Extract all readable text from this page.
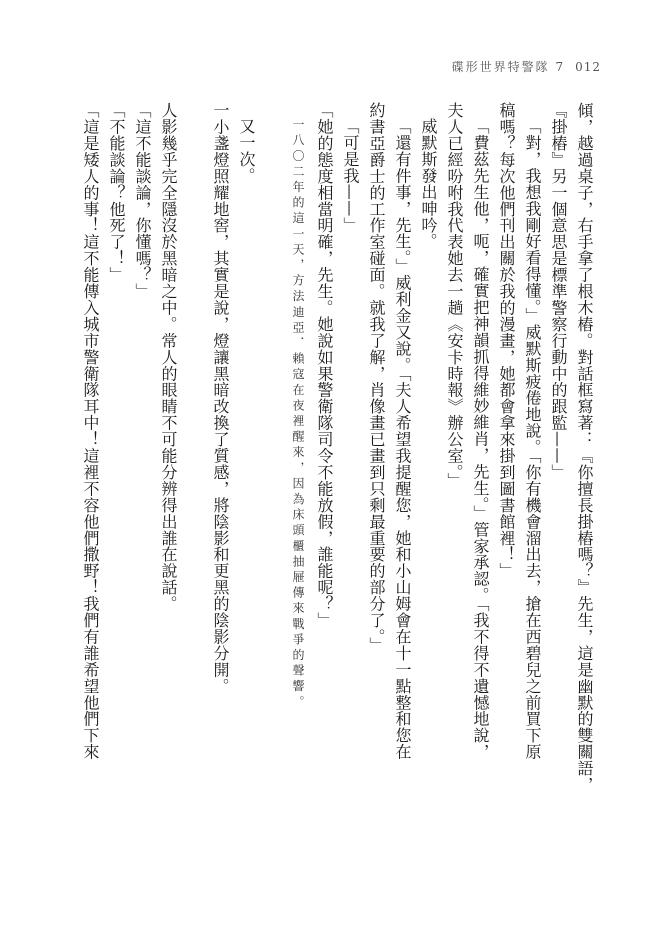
碟形世界特警隊 7 012

傾，越過桌子，右手拿了根木樁。對話框寫著：『你擅長掛樁嗎？』先生，這是幽默的雙關語，

『掛樁』另一個意思是標準警察行動中的跟監——」

「對，我想我剛好看得懂。」威默斯疲倦地說。「你有機會溜出去，搶在西碧兒之前買下原

稿嗎？每次他們刊出關於我的漫畫，她都會拿來掛到圖書館裡！」

「費茲先生他，呃，確實把神韻抓得維妙維肖，先生。」管家承認。「我不得不遺憾地說，

夫人已經吩咐我代表她去一趟《安卡時報》辦公室。」

威默斯發出呻吟。

「還有件事，先生。」威利金又說。「夫人希望我提醒您，她和小山姆會在十一點整和您在

約書亞爵士的工作室碰面。就我了解，肖像畫已畫到只剩最重要的部分了。」

「可是我——」

「她的態度相當明確，先生。她說如果警衛隊司令不能放假，誰能呢？」

一八〇二年的這一天，方法迪亞．賴寇在夜裡醒來，因為床頭櫃抽屜傳來戰爭的聲響。

又一次。

一小盞燈照耀地窖，其實是說，燈讓黑暗改換了質感，將陰影和更黑的陰影分開。

人影幾乎完全隱沒於黑暗之中。常人的眼睛不可能分辨得出誰在說話。

「這不能談論，你懂嗎？」

「不能談論？他死了！」

「這是矮人的事！這不能傳入城市警衛隊耳中！這裡不容他們撒野！我們有誰希望他們下來
